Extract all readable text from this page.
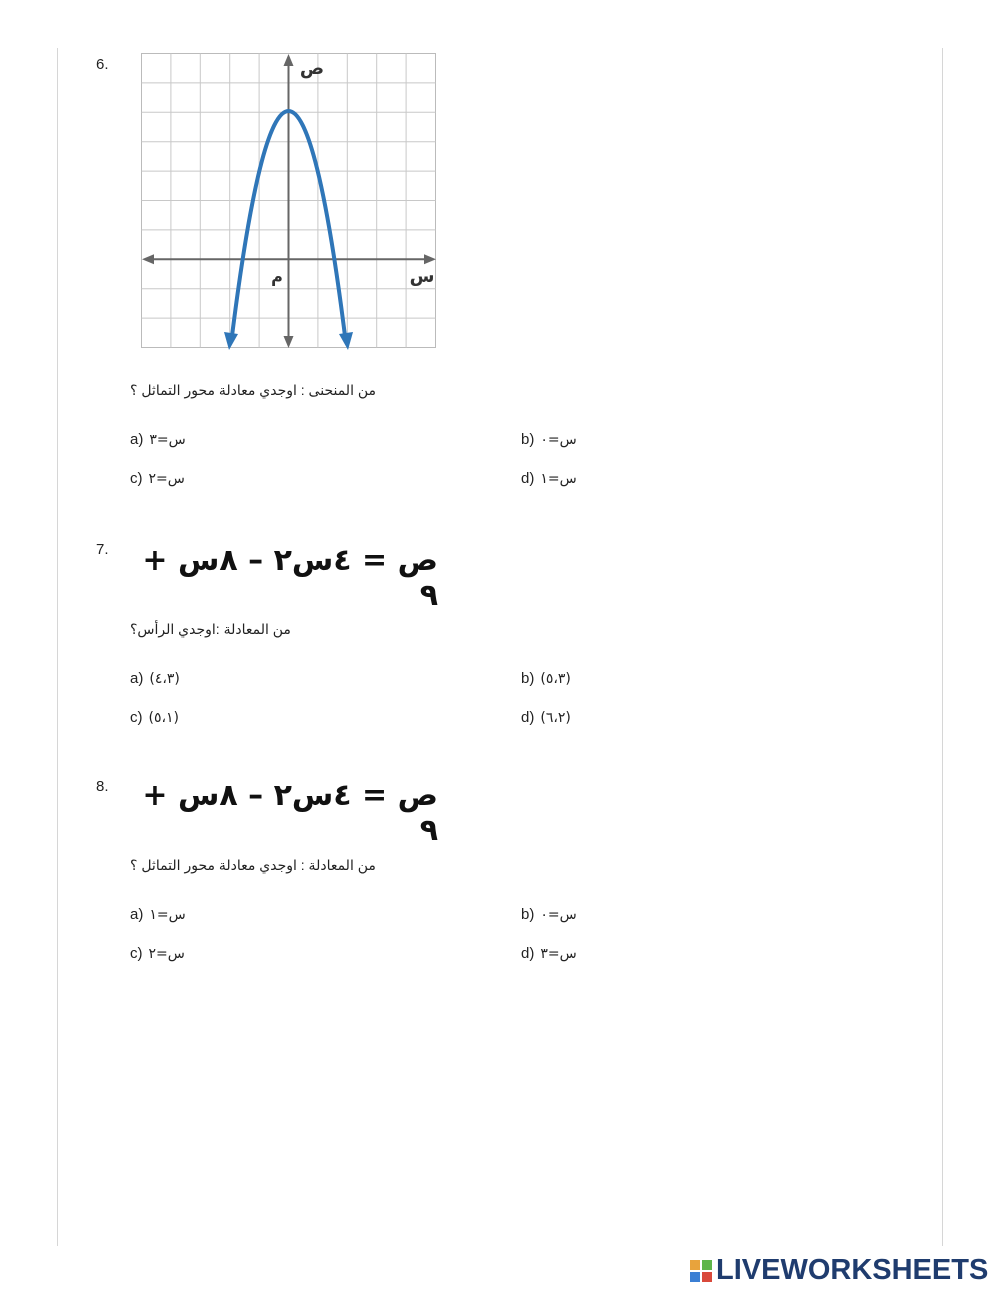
6.	ص
س
م
من المنحنى : اوجدي معادلة محور التماثل ؟
a) س=٣	b) س=٠
c) س=٢	d) س=١
7. ص = ٤س٢ – ٨س + ٩
من المعادلة :اوجدي الرأس؟
a) (٤،٣)	b) (٥،٣)
c) (٥،١)	d) (٦،٢)
8. ص = ٤س٢ – ٨س + ٩
من المعادلة : اوجدي معادلة محور التماثل ؟
a) س=١	b) س=٠
c) س=٢	d) س=٣
LIVEWORKSHEETS
